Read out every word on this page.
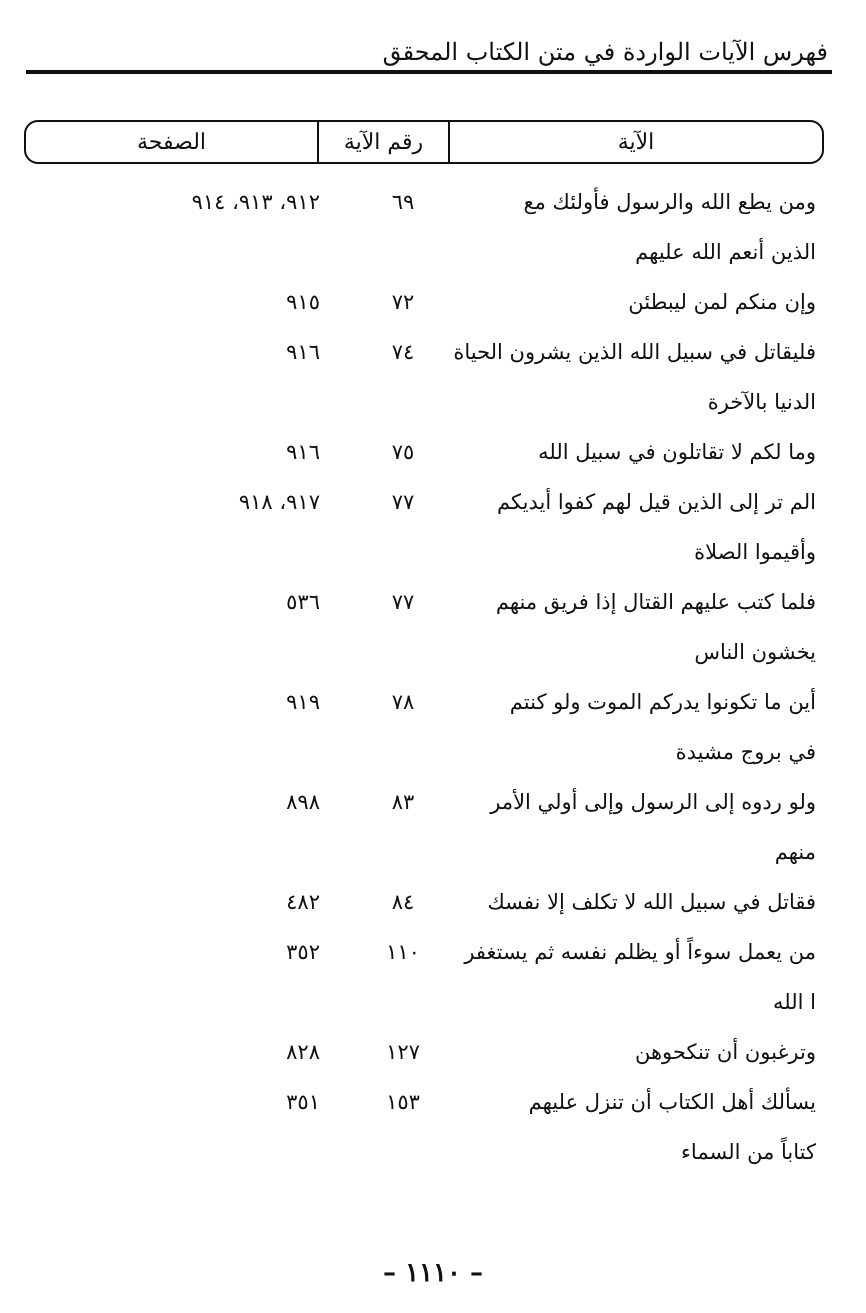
فهرس الآيات الواردة في متن الكتاب المحقق
الآية
رقم الآية
الصفحة
ومن يطع الله والرسول فأولئك مع
٦٩
٩١٢، ٩١٣، ٩١٤
الذين أنعم الله عليهم
وإن منكم لمن ليبطئن
٧٢
٩١٥
فليقاتل في سبيل الله الذين يشرون الحياة
٧٤
٩١٦
الدنيا بالآخرة
وما لكم لا تقاتلون في سبيل الله
٧٥
٩١٦
الم تر إلى الذين قيل لهم كفوا أيديكم
٧٧
٩١٧، ٩١٨
وأقيموا الصلاة
فلما كتب عليهم القتال إذا فريق منهم
٧٧
٥٣٦
يخشون الناس
أين ما تكونوا يدركم الموت ولو كنتم
٧٨
٩١٩
في بروج مشيدة
ولو ردوه إلى الرسول وإلى أولي الأمر
٨٣
٨٩٨
منهم
فقاتل في سبيل الله لا تكلف إلا نفسك
٨٤
٤٨٢
من يعمل سوءاً أو يظلم نفسه ثم يستغفر
١١٠
٣٥٢
ا الله
وترغبون أن تنكحوهن
١٢٧
٨٢٨
يسألك أهل الكتاب أن تنزل عليهم
١٥٣
٣٥١
كتاباً من السماء
– ١١١٠ –
